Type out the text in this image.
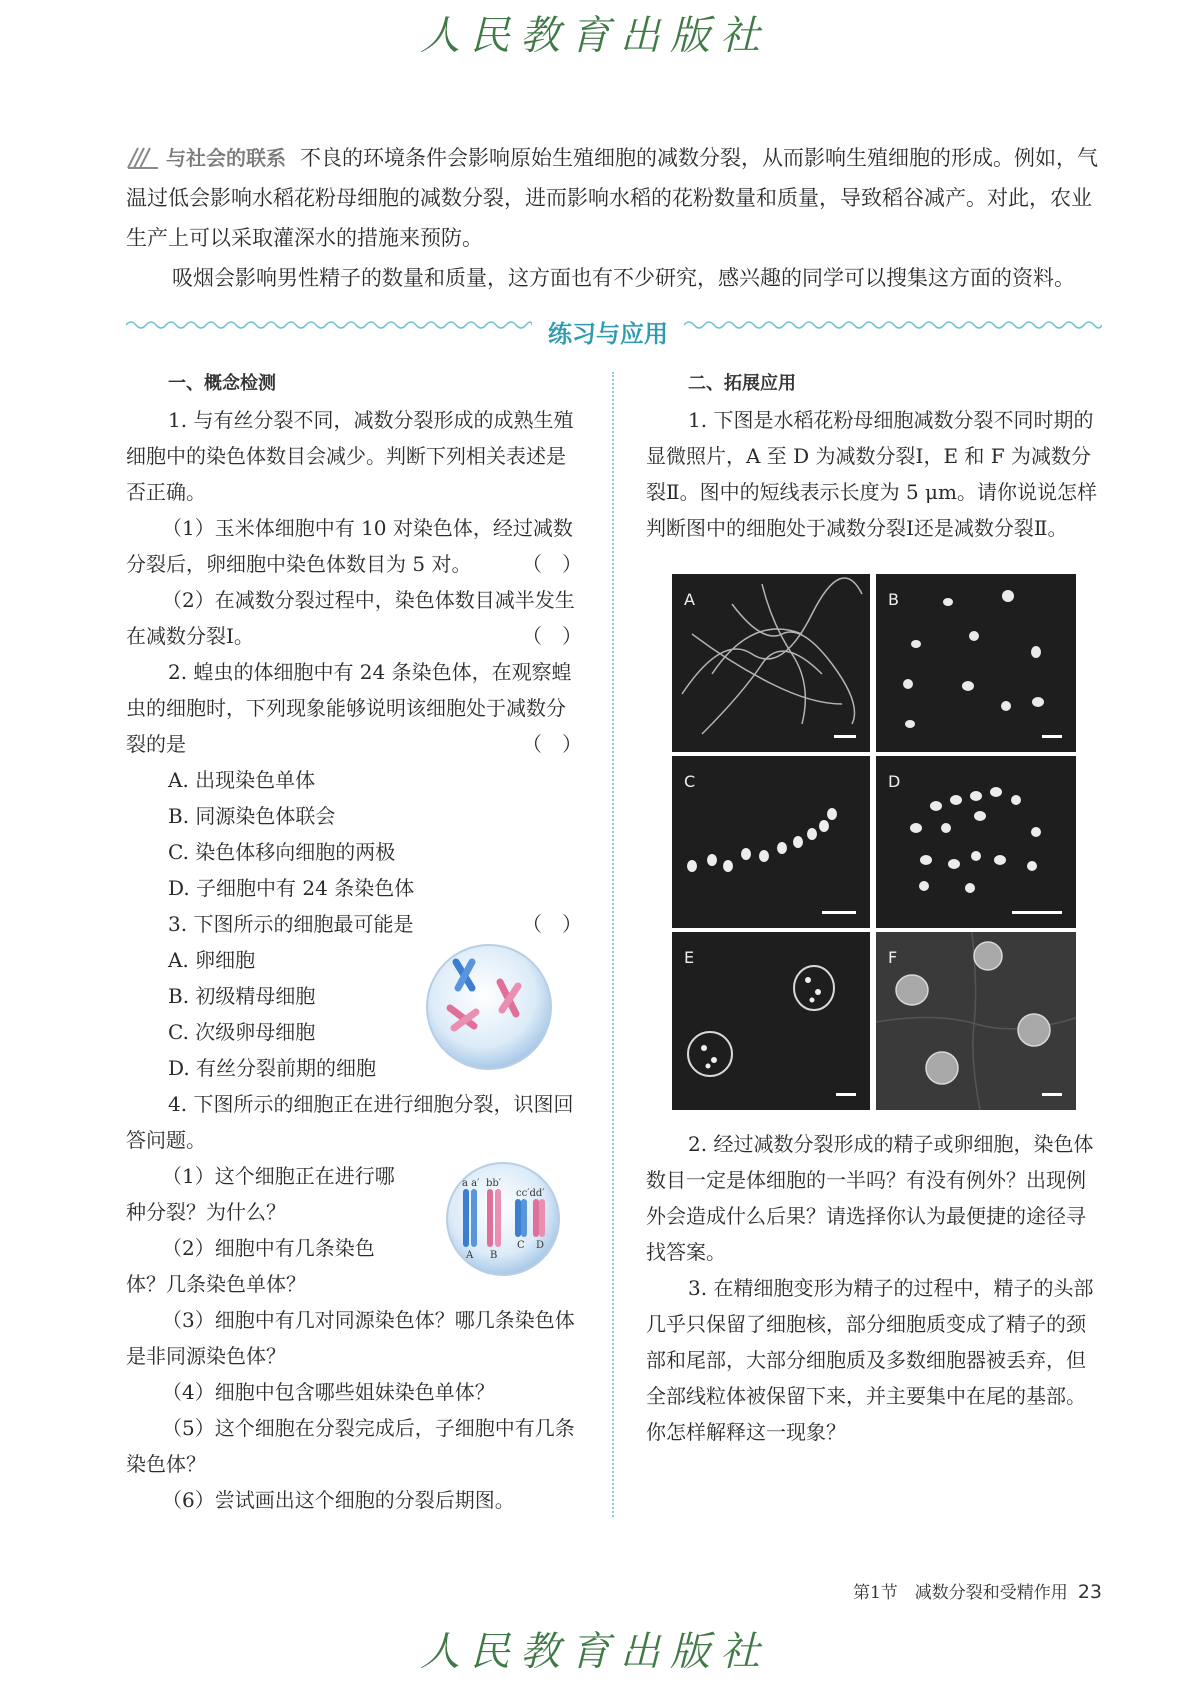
人民教育出版社

与社会的联系 不良的环境条件会影响原始生殖细胞的减数分裂，从而影响生殖细胞的形成。例如，气温过低会影响水稻花粉母细胞的减数分裂，进而影响水稻的花粉数量和质量，导致稻谷减产。对此，农业生产上可以采取灌深水的措施来预防。

吸烟会影响男性精子的数量和质量，这方面也有不少研究，感兴趣的同学可以搜集这方面的资料。

练习与应用
一、概念检测

1. 与有丝分裂不同，减数分裂形成的成熟生殖细胞中的染色体数目会减少。判断下列相关表述是否正确。

（1）玉米体细胞中有 10 对染色体，经过减数分裂后，卵细胞中染色体数目为 5 对。	（　）

（2）在减数分裂过程中，染色体数目减半发生在减数分裂Ⅰ。	（　）

2. 蝗虫的体细胞中有 24 条染色体，在观察蝗虫的细胞时，下列现象能够说明该细胞处于减数分裂的是	（　）

A. 出现染色单体

B. 同源染色体联会

C. 染色体移向细胞的两极

D. 子细胞中有 24 条染色体

3. 下图所示的细胞最可能是	（　）

A. 卵细胞

B. 初级精母细胞

C. 次级卵母细胞

D. 有丝分裂前期的细胞

4. 下图所示的细胞正在进行细胞分裂，识图回答问题。

（1）这个细胞正在进行哪种分裂？为什么？

（2）细胞中有几条染色体？几条染色单体？

a a′ bb′
cc′dd′
A B
C D

（3）细胞中有几对同源染色体？哪几条染色体是非同源染色体？

（4）细胞中包含哪些姐妹染色单体？

（5）这个细胞在分裂完成后，子细胞中有几条染色体？

（6）尝试画出这个细胞的分裂后期图。

二、拓展应用

1. 下图是水稻花粉母细胞减数分裂不同时期的显微照片，A 至 D 为减数分裂Ⅰ，E 和 F 为减数分裂Ⅱ。图中的短线表示长度为 5 μm。请你说说怎样判断图中的细胞处于减数分裂Ⅰ还是减数分裂Ⅱ。

A	B
C	D
E	F

2. 经过减数分裂形成的精子或卵细胞，染色体数目一定是体细胞的一半吗？有没有例外？出现例外会造成什么后果？请选择你认为最便捷的途径寻找答案。

3. 在精细胞变形为精子的过程中，精子的头部几乎只保留了细胞核，部分细胞质变成了精子的颈部和尾部，大部分细胞质及多数细胞器被丢弃，但全部线粒体被保留下来，并主要集中在尾的基部。你怎样解释这一现象？

第1节　减数分裂和受精作用 23
人民教育出版社
